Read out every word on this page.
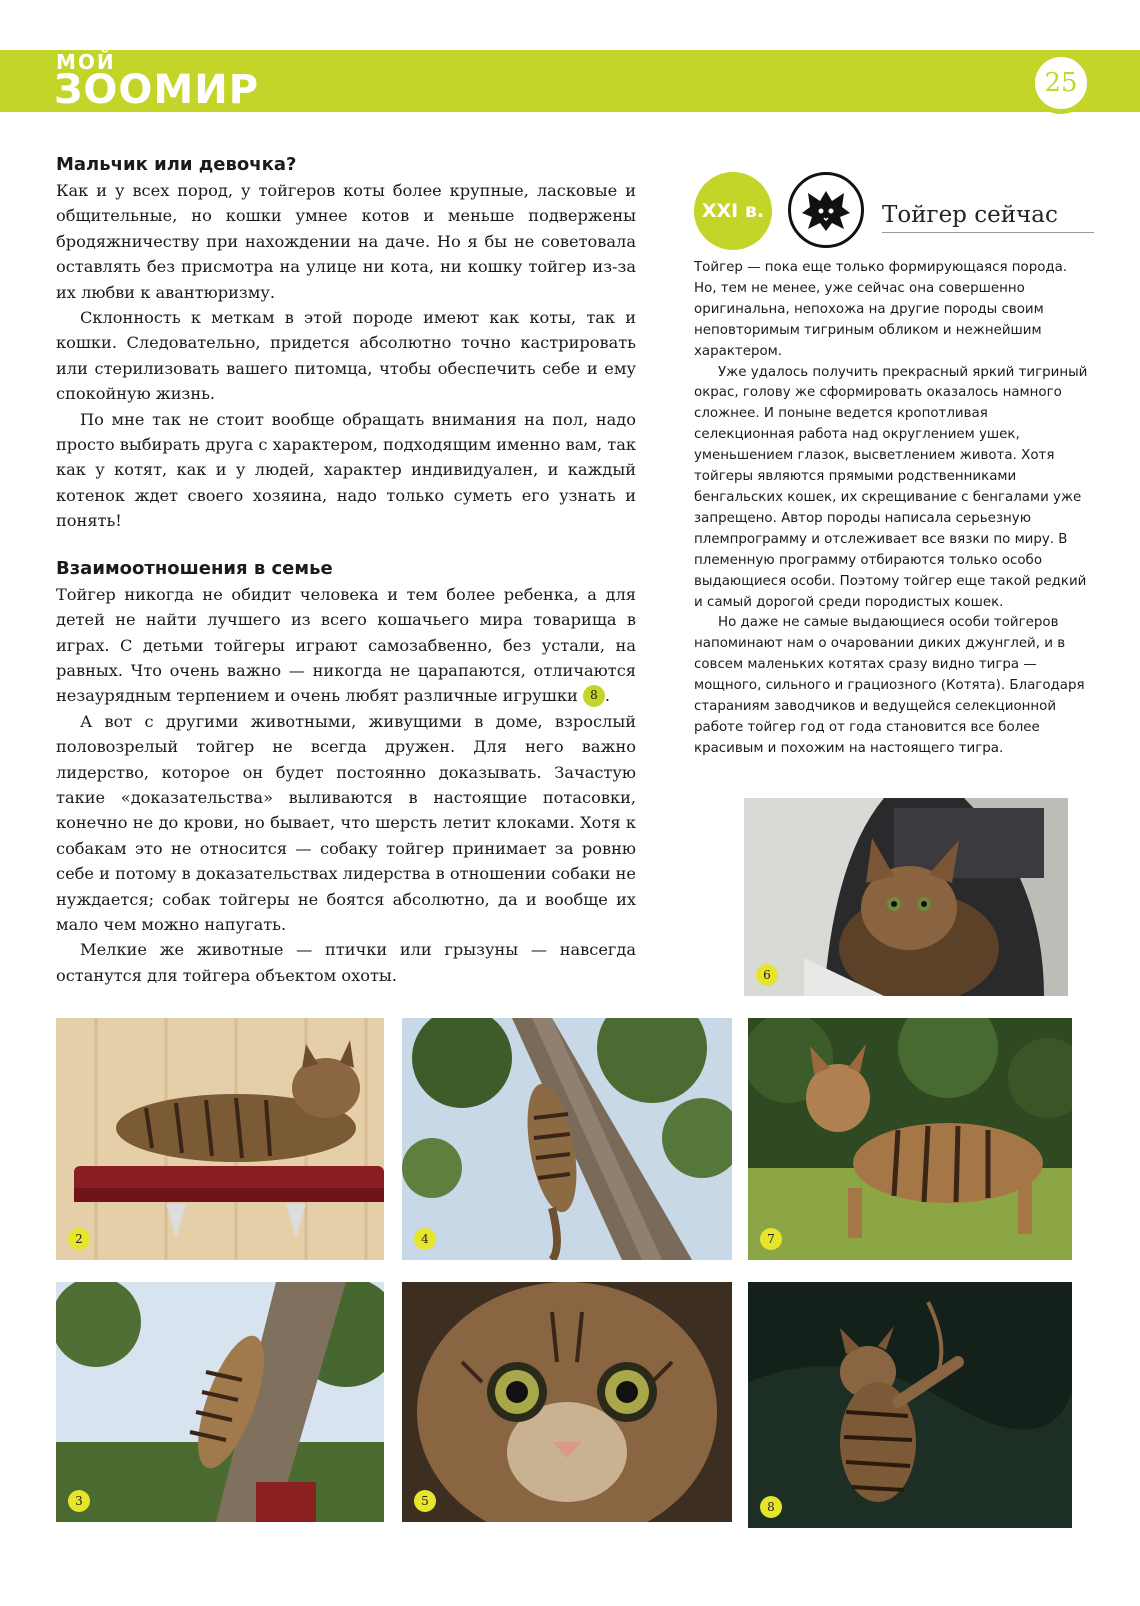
МОЙ
ЗООМИР	25
Мальчик или девочка?

Как и у всех пород, у тойгеров коты более крупные, ласковые и общительные, но кошки умнее котов и меньше подвержены бродяжничеству при нахождении на даче. Но я бы не советовала оставлять без присмотра на улице ни кота, ни кошку тойгер из-за их любви к авантюризму.

Склонность к меткам в этой породе имеют как коты, так и кошки. Следовательно, придется абсолютно точно кастрировать или стерилизовать вашего питомца, чтобы обеспечить себе и ему спокойную жизнь.

По мне так не стоит вообще обращать внимания на пол, надо просто выбирать друга с характером, подходящим именно вам, так как у котят, как и у людей, характер индивидуален, и каждый котенок ждет своего хозяина, надо только суметь его узнать и понять!

Взаимоотношения в семье

Тойгер никогда не обидит человека и тем более ребенка, а для детей не найти лучшего из всего кошачьего мира товарища в играх. С детьми тойгеры играют самозабвенно, без устали, на равных. Что очень важно — никогда не царапаются, отличаются незаурядным терпением и очень любят различные игрушки 8 .

А вот с другими животными, живущими в доме, взрослый половозрелый тойгер не всегда дружен. Для него важно лидерство, которое он будет постоянно доказывать. Зачастую такие «доказательства» выливаются в настоящие потасовки, конечно не до крови, но бывает, что шерсть летит клоками. Хотя к собакам это не относится — собаку тойгер принимает за ровню себе и потому в доказательствах лидерства в отношении собаки не нуждается; собак тойгеры не боятся абсолютно, да и вообще их мало чем можно напугать.

Мелкие же животные — птички или грызуны — навсегда останутся для тойгера объектом охоты.

XXI в.	Тойгер сейчас

Тойгер — пока еще только формирующаяся порода. Но, тем не менее, уже сейчас она совершенно оригинальна, непохожа на другие породы своим неповторимым тигриным обликом и нежнейшим характером.

Уже удалось получить прекрасный яркий тигриный окрас, голову же сформировать оказалось намного сложнее. И поныне ведется кропотливая селекционная работа над округлением ушек, уменьшением глазок, высветлением живота. Хотя тойгеры являются прямыми родственниками бенгальских кошек, их скрещивание с бенгалами уже запрещено. Автор породы написала серьезную племпрограмму и отслеживает все вязки по миру. В племенную программу отбираются только особо выдающиеся особи. Поэтому тойгер еще такой редкий и самый дорогой среди породистых кошек.

Но даже не самые выдающиеся особи тойгеров напоминают нам о очаровании диких джунглей, и в совсем маленьких котятах сразу видно тигра — мощного, сильного и грациозного (Котята). Благодаря стараниям заводчиков и ведущейся селекционной работе тойгер год от года становится все более красивым и похожим на настоящего тигра.

6
2	4	7
3	5	8
